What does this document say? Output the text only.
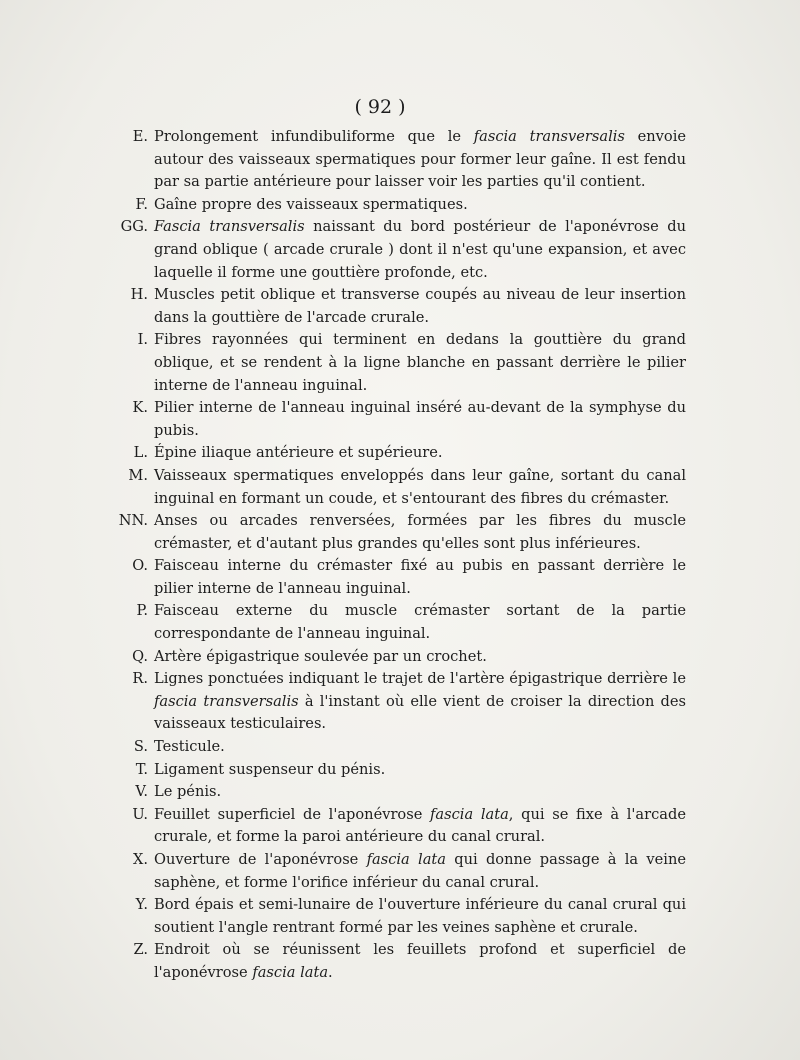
( 92 )
E. Prolongement infundibuliforme que le fascia transversalis envoie autour des vaisseaux spermatiques pour former leur gaîne. Il est fendu par sa partie antérieure pour laisser voir les parties qu'il contient.
F. Gaîne propre des vaisseaux spermatiques.
GG. Fascia transversalis naissant du bord postérieur de l'aponévrose du grand oblique ( arcade crurale ) dont il n'est qu'une expansion, et avec laquelle il forme une gouttière profonde, etc.
H. Muscles petit oblique et transverse coupés au niveau de leur insertion dans la gouttière de l'arcade crurale.
I. Fibres rayonnées qui terminent en dedans la gouttière du grand oblique, et se rendent à la ligne blanche en passant derrière le pilier interne de l'anneau inguinal.
K. Pilier interne de l'anneau inguinal inséré au-devant de la symphyse du pubis.
L. Épine iliaque antérieure et supérieure.
M. Vaisseaux spermatiques enveloppés dans leur gaîne, sortant du canal inguinal en formant un coude, et s'entourant des fibres du crémaster.
NN. Anses ou arcades renversées, formées par les fibres du muscle crémaster, et d'autant plus grandes qu'elles sont plus inférieures.
O. Faisceau interne du crémaster fixé au pubis en passant derrière le pilier interne de l'anneau inguinal.
P. Faisceau externe du muscle crémaster sortant de la partie correspondante de l'anneau inguinal.
Q. Artère épigastrique soulevée par un crochet.
R. Lignes ponctuées indiquant le trajet de l'artère épigastrique derrière le fascia transversalis à l'instant où elle vient de croiser la direction des vaisseaux testiculaires.
S. Testicule.
T. Ligament suspenseur du pénis.
V. Le pénis.
U. Feuillet superficiel de l'aponévrose fascia lata, qui se fixe à l'arcade crurale, et forme la paroi antérieure du canal crural.
X. Ouverture de l'aponévrose fascia lata qui donne passage à la veine saphène, et forme l'orifice inférieur du canal crural.
Y. Bord épais et semi-lunaire de l'ouverture inférieure du canal crural qui soutient l'angle rentrant formé par les veines saphène et crurale.
Z. Endroit où se réunissent les feuillets profond et superficiel de l'aponévrose fascia lata.
